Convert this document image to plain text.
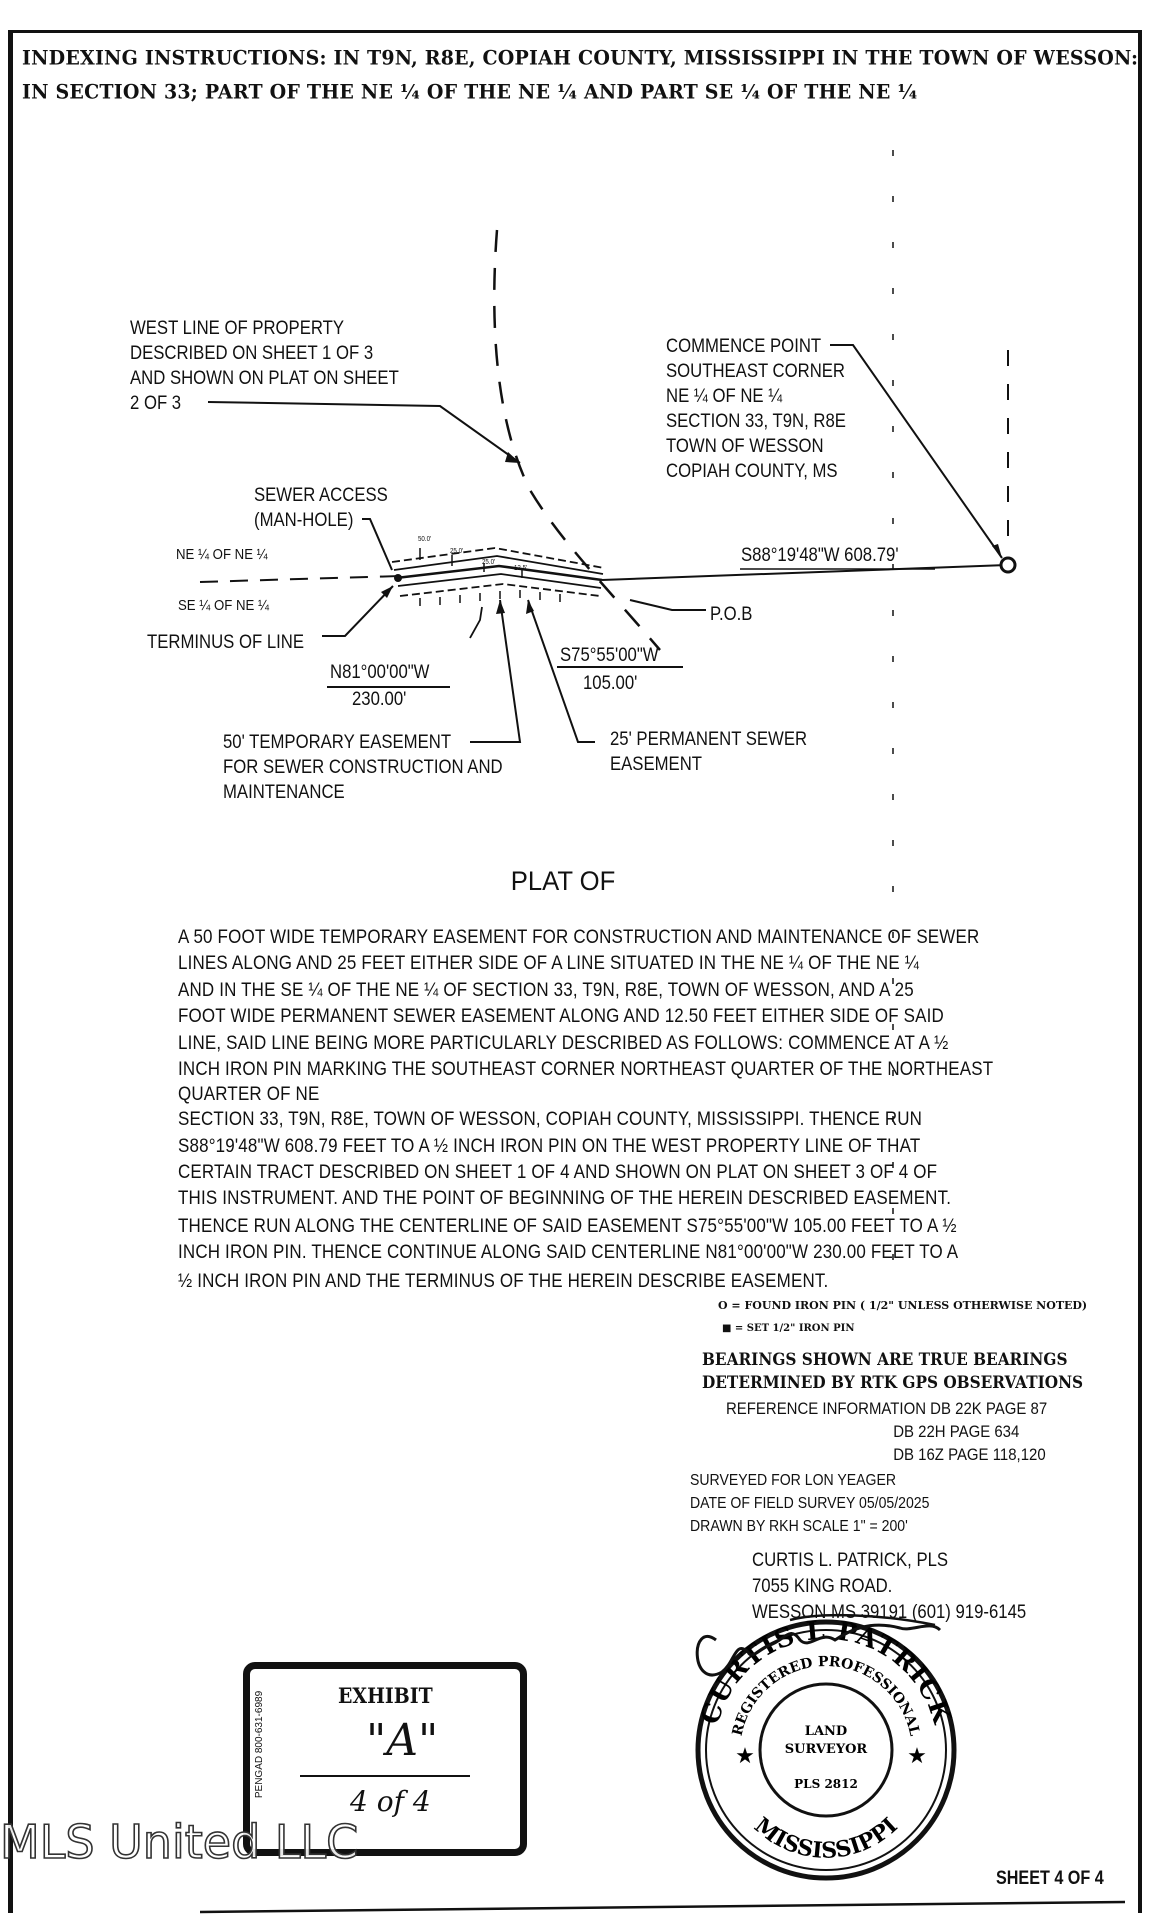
INDEXING INSTRUCTIONS: IN T9N, R8E, COPIAH COUNTY, MISSISSIPPI IN THE TOWN OF WESSON:
IN SECTION 33; PART OF THE NE ¼ OF THE NE ¼ AND PART SE ¼ OF THE NE ¼
WEST LINE OF PROPERTY
DESCRIBED ON SHEET 1 OF 3
AND SHOWN ON PLAT ON SHEET
2 OF 3
COMMENCE POINT
SOUTHEAST CORNER
NE ¼ OF NE ¼
SECTION 33, T9N, R8E
TOWN OF WESSON
COPIAH COUNTY, MS
SEWER ACCESS
(MAN-HOLE)
NE ¼ OF NE ¼
SE ¼ OF NE ¼
TERMINUS OF LINE
S88°19'48"W 608.79'
P.O.B
N81°00'00"W
230.00'
S75°55'00"W
105.00'
50' TEMPORARY EASEMENT
FOR SEWER CONSTRUCTION AND
MAINTENANCE
25' PERMANENT SEWER
EASEMENT
50.0'
25.0'
25.0'
12.5'
PLAT OF
A 50 FOOT WIDE TEMPORARY EASEMENT FOR CONSTRUCTION AND MAINTENANCE OF SEWER
LINES ALONG AND 25 FEET EITHER SIDE OF A LINE SITUATED IN THE NE ¼ OF THE NE ¼
AND IN THE SE ¼ OF THE NE ¼ OF SECTION 33, T9N, R8E, TOWN OF WESSON, AND A 25
FOOT WIDE PERMANENT SEWER EASEMENT ALONG AND 12.50 FEET EITHER SIDE OF SAID
LINE, SAID LINE BEING MORE PARTICULARLY DESCRIBED AS FOLLOWS: COMMENCE AT A ½
INCH IRON PIN MARKING THE SOUTHEAST CORNER NORTHEAST QUARTER OF THE NORTHEAST
QUARTER OF NE
SECTION 33, T9N, R8E, TOWN OF WESSON, COPIAH COUNTY, MISSISSIPPI. THENCE RUN
S88°19'48"W 608.79 FEET TO A ½ INCH IRON PIN ON THE WEST PROPERTY LINE OF THAT
CERTAIN TRACT DESCRIBED ON SHEET 1 OF 4 AND SHOWN ON PLAT ON SHEET 3 OF 4 OF
THIS INSTRUMENT. AND THE POINT OF BEGINNING OF THE HEREIN DESCRIBED EASEMENT.
THENCE RUN ALONG THE CENTERLINE OF SAID EASEMENT S75°55'00"W 105.00 FEET TO A ½
INCH IRON PIN. THENCE CONTINUE ALONG SAID CENTERLINE N81°00'00"W 230.00 FEET TO A
½ INCH IRON PIN AND THE TERMINUS OF THE HEREIN DESCRIBE EASEMENT.
O = FOUND IRON PIN ( 1/2" UNLESS OTHERWISE NOTED)
■ = SET 1/2" IRON PIN
BEARINGS SHOWN ARE TRUE BEARINGS
DETERMINED BY RTK GPS OBSERVATIONS
REFERENCE INFORMATION DB 22K PAGE 87
DB 22H PAGE 634
DB 16Z PAGE 118,120
SURVEYED FOR LON YEAGER
DATE OF FIELD SURVEY 05/05/2025
DRAWN BY RKH SCALE 1" = 200'
CURTIS L. PATRICK, PLS
7055 KING ROAD.
WESSON MS 39191 (601) 919-6145
CURTIS L PATRICK
REGISTERED PROFESSIONAL
MISSISSIPPI
LAND
SURVEYOR
PLS 2812
★	★
EXHIBIT
"A"
4 of 4
PENGAD 800-631-6989
MLS United LLC
SHEET 4 OF 4
